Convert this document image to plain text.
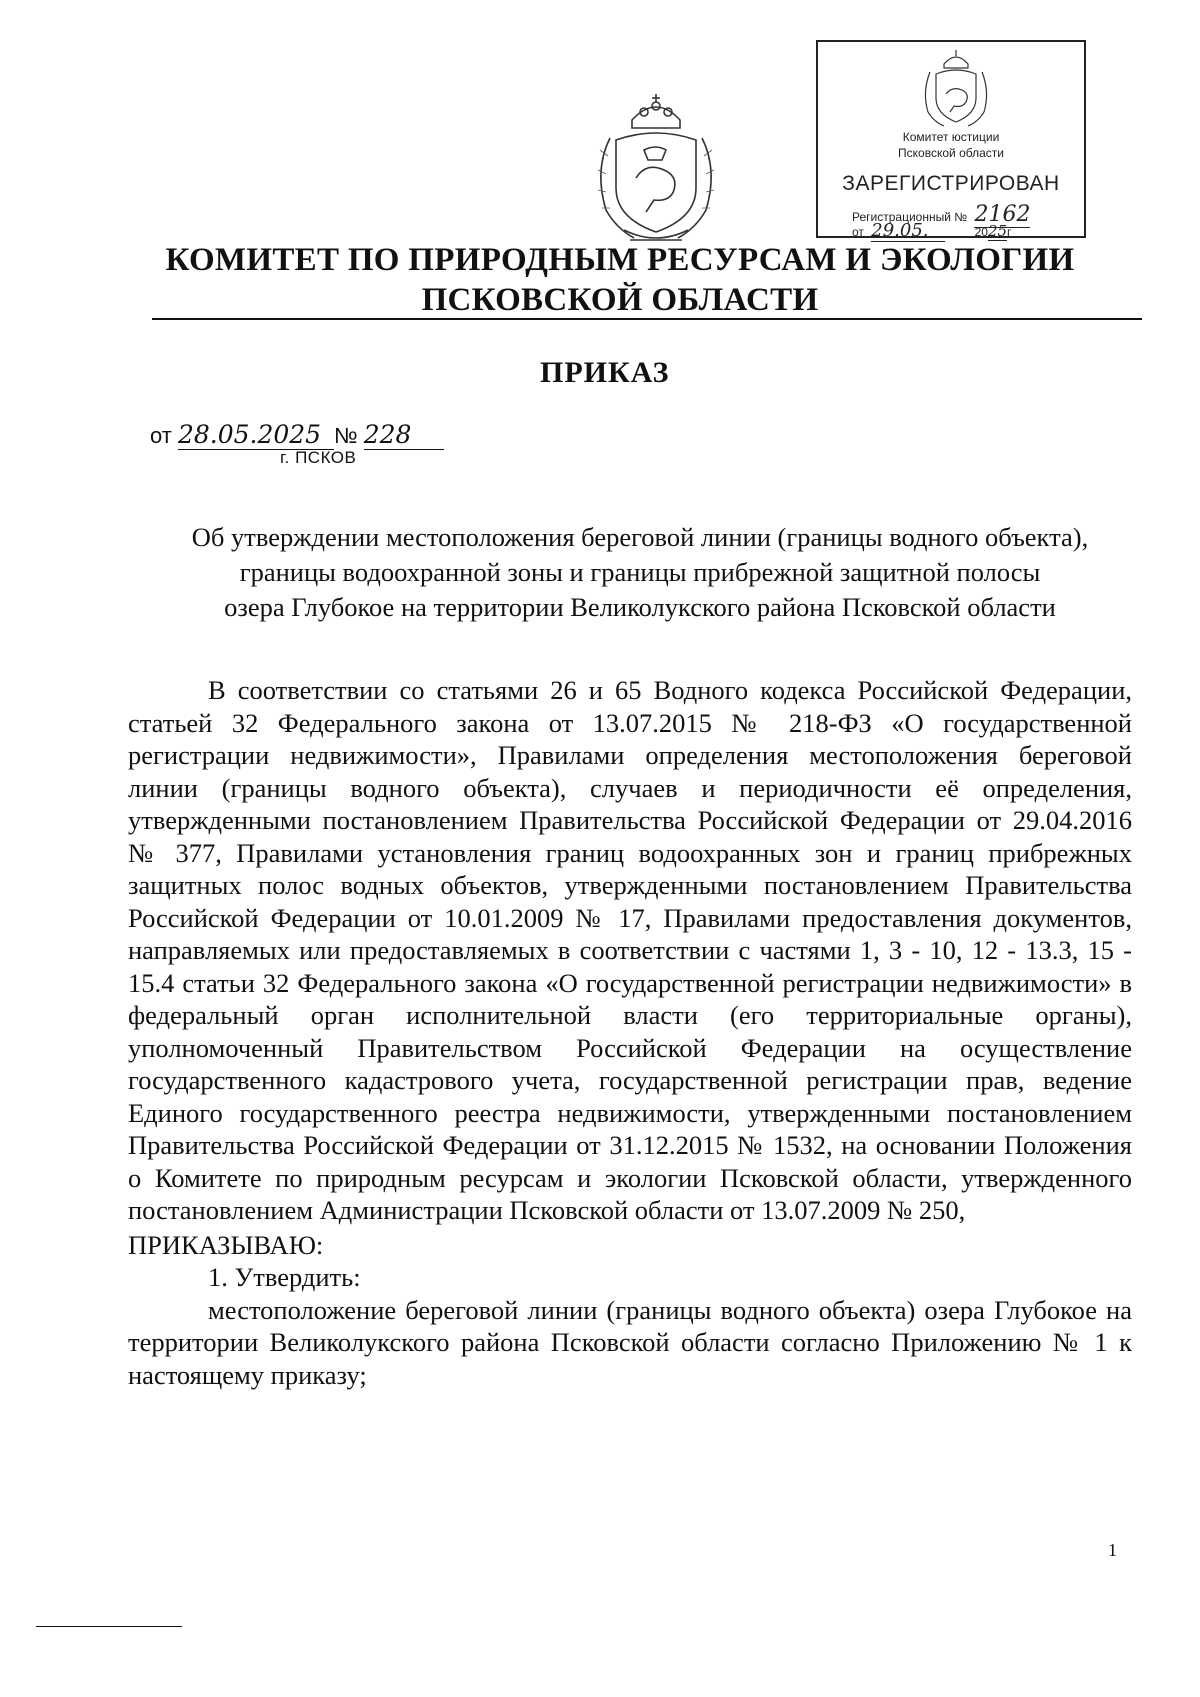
Комитет юстиции
Псковской области
ЗАРЕГИСТРИРОВАН
Регистрационный № 2162
от 29.05.	2025г
КОМИТЕТ ПО ПРИРОДНЫМ РЕСУРСАМ И ЭКОЛОГИИ
ПСКОВСКОЙ ОБЛАСТИ
ПРИКАЗ
от 28.05.2025 № 228
г. ПСКОВ

Об утверждении местоположения береговой линии (границы водного объекта),
границы водоохранной зоны и границы прибрежной защитной полосы
озера Глубокое на территории Великолукского района Псковской области

В соответствии со статьями 26 и 65 Водного кодекса Российской Федерации, статьей 32 Федерального закона от 13.07.2015 № 218-ФЗ «О государственной регистрации недвижимости», Правилами определения местоположения береговой линии (границы водного объекта), случаев и периодичности её определения, утвержденными постановлением Правительства Российской Федерации от 29.04.2016 № 377, Правилами установления границ водоохранных зон и границ прибрежных защитных полос водных объектов, утвержденными постановлением Правительства Российской Федерации от 10.01.2009 № 17, Правилами предоставления документов, направляемых или предоставляемых в соответствии с частями 1, 3 - 10, 12 - 13.3, 15 - 15.4 статьи 32 Федерального закона «О государственной регистрации недвижимости» в федеральный орган исполнительной власти (его территориальные органы), уполномоченный Правительством Российской Федерации на осуществление государственного кадастрового учета, государственной регистрации прав, ведение Единого государственного реестра недвижимости, утвержденными постановлением Правительства Российской Федерации от 31.12.2015 № 1532, на основании Положения о Комитете по природным ресурсам и экологии Псковской области, утвержденного постановлением Администрации Псковской области от 13.07.2009 № 250,

ПРИКАЗЫВАЮ:

1. Утвердить:

местоположение береговой линии (границы водного объекта) озера Глубокое на территории Великолукского района Псковской области согласно Приложению № 1 к настоящему приказу;

1
